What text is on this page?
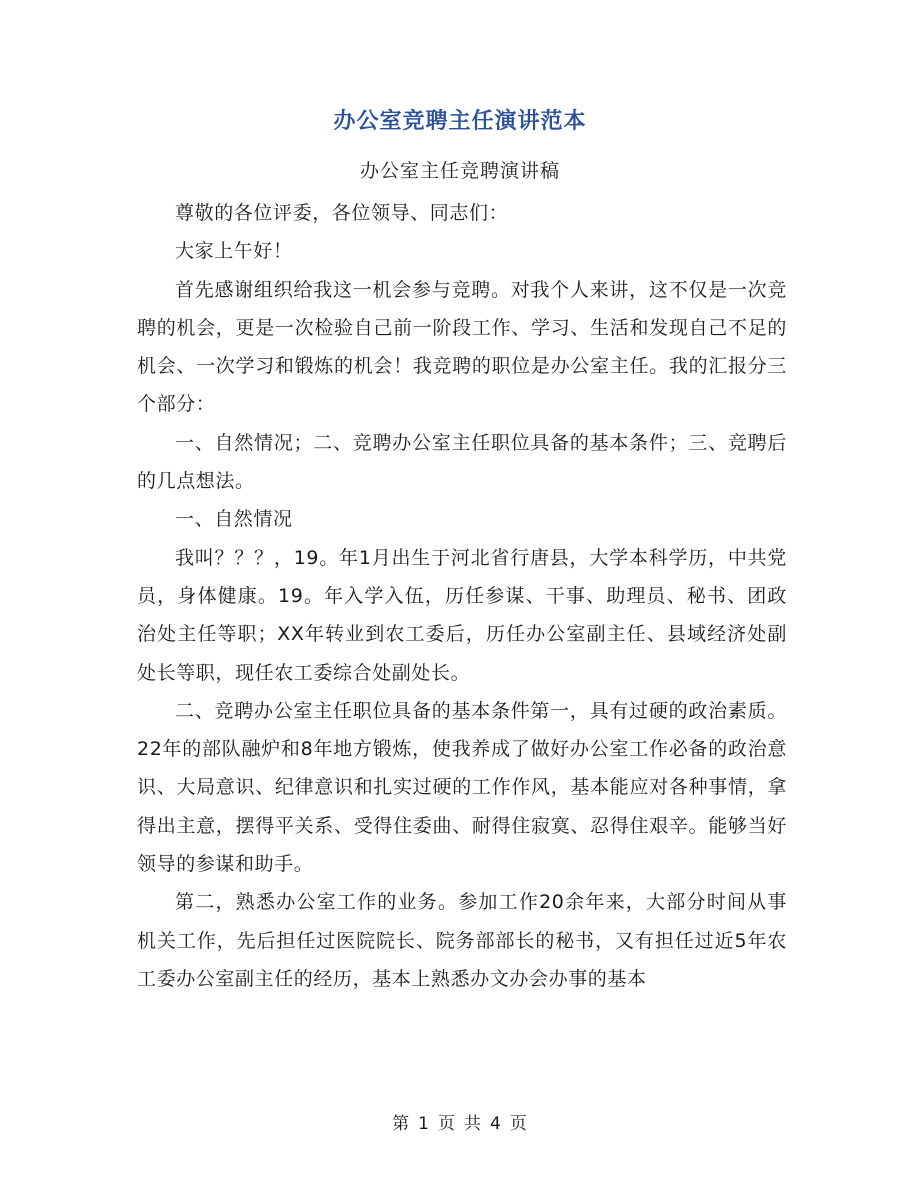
办公室竞聘主任演讲范本
办公室主任竞聘演讲稿

尊敬的各位评委，各位领导、同志们：

大家上午好！

首先感谢组织给我这一机会参与竞聘。对我个人来讲，这不仅是一次竞聘的机会，更是一次检验自己前一阶段工作、学习、生活和发现自己不足的机会、一次学习和锻炼的机会！我竞聘的职位是办公室主任。我的汇报分三个部分：

一、自然情况；二、竞聘办公室主任职位具备的基本条件；三、竞聘后的几点想法。

一、自然情况

我叫？？？，19。年1月出生于河北省行唐县，大学本科学历，中共党员，身体健康。19。年入学入伍，历任参谋、干事、助理员、秘书、团政治处主任等职；XX年转业到农工委后，历任办公室副主任、县域经济处副处长等职，现任农工委综合处副处长。

二、竞聘办公室主任职位具备的基本条件第一，具有过硬的政治素质。22年的部队融炉和8年地方锻炼，使我养成了做好办公室工作必备的政治意识、大局意识、纪律意识和扎实过硬的工作作风，基本能应对各种事情，拿得出主意，摆得平关系、受得住委曲、耐得住寂寞、忍得住艰辛。能够当好领导的参谋和助手。

第二，熟悉办公室工作的业务。参加工作20余年来，大部分时间从事机关工作，先后担任过医院院长、院务部部长的秘书，又有担任过近5年农工委办公室副主任的经历，基本上熟悉办文办会办事的基本

第 1 页 共 4 页
